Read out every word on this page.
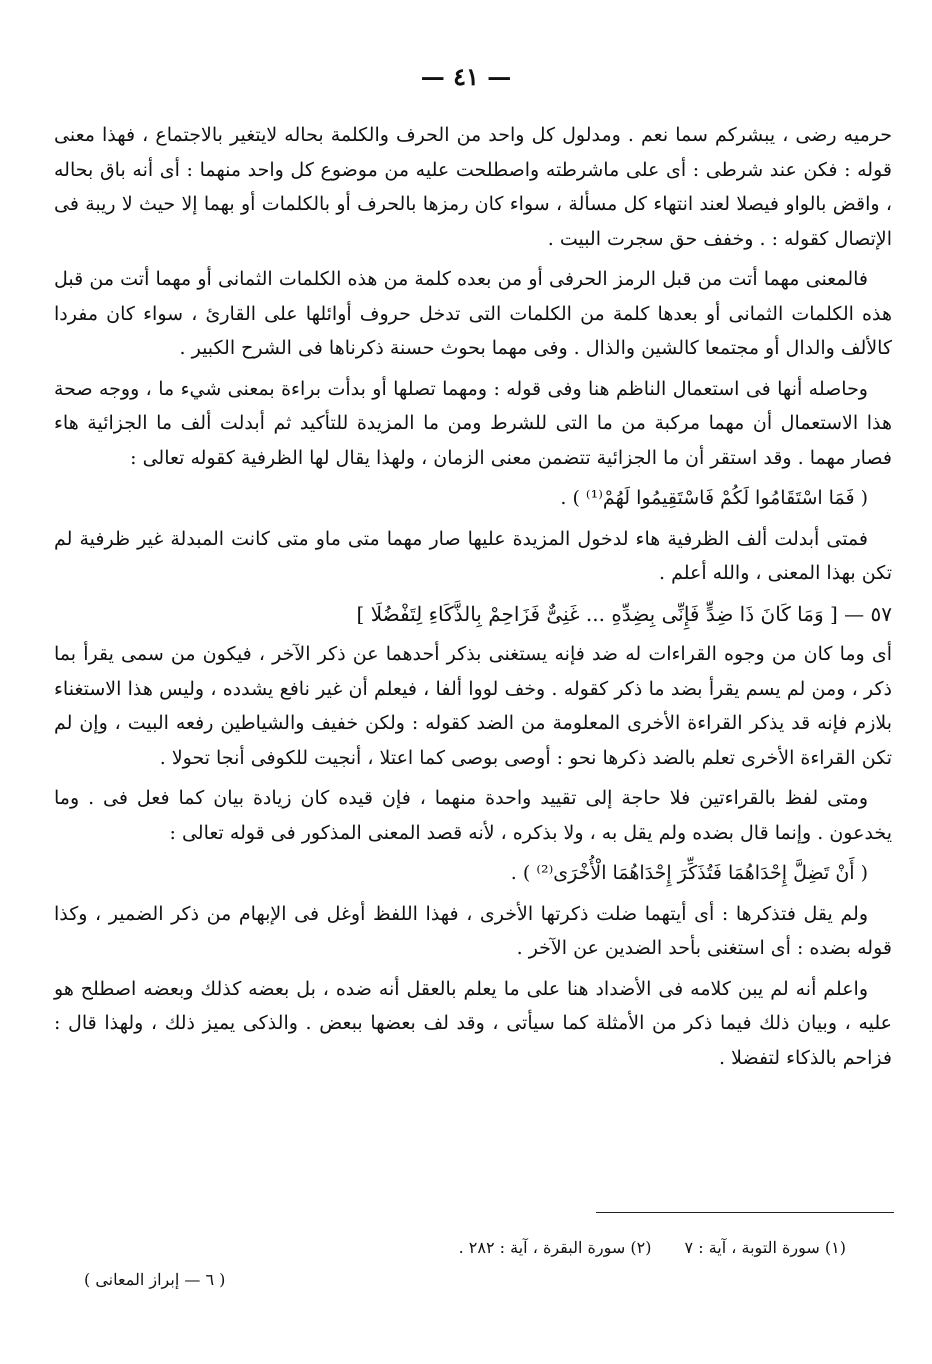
— ٤١ —

حرميه رضى ، يبشركم سما نعم . ومدلول كل واحد من الحرف والكلمة بحاله لايتغير بالاجتماع ، فهذا معنى قوله : فكن عند شرطى : أى على ماشرطته واصطلحت عليه من موضوع كل واحد منهما : أى أنه باق بحاله ، واقض بالواو فيصلا لعند انتهاء كل مسألة ، سواء كان رمزها بالحرف أو بالكلمات أو بهما إلا حيث لا ريبة فى الإتصال كقوله : . وخفف حق سجرت البيت .

فالمعنى مهما أتت من قبل الرمز الحرفى أو من بعده كلمة من هذه الكلمات الثمانى أو مهما أتت من قبل هذه الكلمات الثمانى أو بعدها كلمة من الكلمات التى تدخل حروف أوائلها على القارئ ، سواء كان مفردا كالألف والدال أو مجتمعا كالشين والذال . وفى مهما بحوث حسنة ذكرناها فى الشرح الكبير .

وحاصله أنها فى استعمال الناظم هنا وفى قوله : ومهما تصلها أو بدأت براءة بمعنى شيء ما ، ووجه صحة هذا الاستعمال أن مهما مركبة من ما التى للشرط ومن ما المزيدة للتأكيد ثم أبدلت ألف ما الجزائية هاء فصار مهما . وقد استقر أن ما الجزائية تتضمن معنى الزمان ، ولهذا يقال لها الظرفية كقوله تعالى :

( فَمَا اسْتَقَامُوا لَكُمْ فَاسْتَقِيمُوا لَهُمْ⁽¹⁾ ) .

فمتى أبدلت ألف الظرفية هاء لدخول المزيدة عليها صار مهما متى ماو متى كانت المبدلة غير ظرفية لم تكن بهذا المعنى ، والله أعلم .

٥٧ — [ وَمَا كَانَ ذَا ضِدٍّ فَإِنِّى بِضِدِّهِ ... غَنِىٌّ فَزَاحِمْ بِالذَّكَاءِ لِتَفْضُلَا ]

أى وما كان من وجوه القراءات له ضد فإنه يستغنى بذكر أحدهما عن ذكر الآخر ، فيكون من سمى يقرأ بما ذكر ، ومن لم يسم يقرأ بضد ما ذكر كقوله . وخف لووا ألفا ، فيعلم أن غير نافع يشدده ، وليس هذا الاستغناء بلازم فإنه قد يذكر القراءة الأخرى المعلومة من الضد كقوله : ولكن خفيف والشياطين رفعه البيت ، وإن لم تكن القراءة الأخرى تعلم بالضد ذكرها نحو : أوصى بوصى كما اعتلا ، أنجيت للكوفى أنجا تحولا .

ومتى لفظ بالقراءتين فلا حاجة إلى تقييد واحدة منهما ، فإن قيده كان زيادة بيان كما فعل فى . وما يخدعون . وإنما قال بضده ولم يقل به ، ولا بذكره ، لأنه قصد المعنى المذكور فى قوله تعالى :

( أَنْ تَضِلَّ إِحْدَاهُمَا فَتُذَكِّرَ إِحْدَاهُمَا الْأُخْرَى⁽²⁾ ) .

ولم يقل فتذكرها : أى أيتهما ضلت ذكرتها الأخرى ، فهذا اللفظ أوغل فى الإبهام من ذكر الضمير ، وكذا قوله بضده : أى استغنى بأحد الضدين عن الآخر .

واعلم أنه لم يبن كلامه فى الأضداد هنا على ما يعلم بالعقل أنه ضده ، بل بعضه كذلك وبعضه اصطلح هو عليه ، وبيان ذلك فيما ذكر من الأمثلة كما سيأتى ، وقد لف بعضها ببعض . والذكى يميز ذلك ، ولهذا قال : فزاحم بالذكاء لتفضلا .

(١) سورة التوبة ، آية : ٧ (٢) سورة البقرة ، آية : ٢٨٢ .
( ٦ — إبراز المعانى )
